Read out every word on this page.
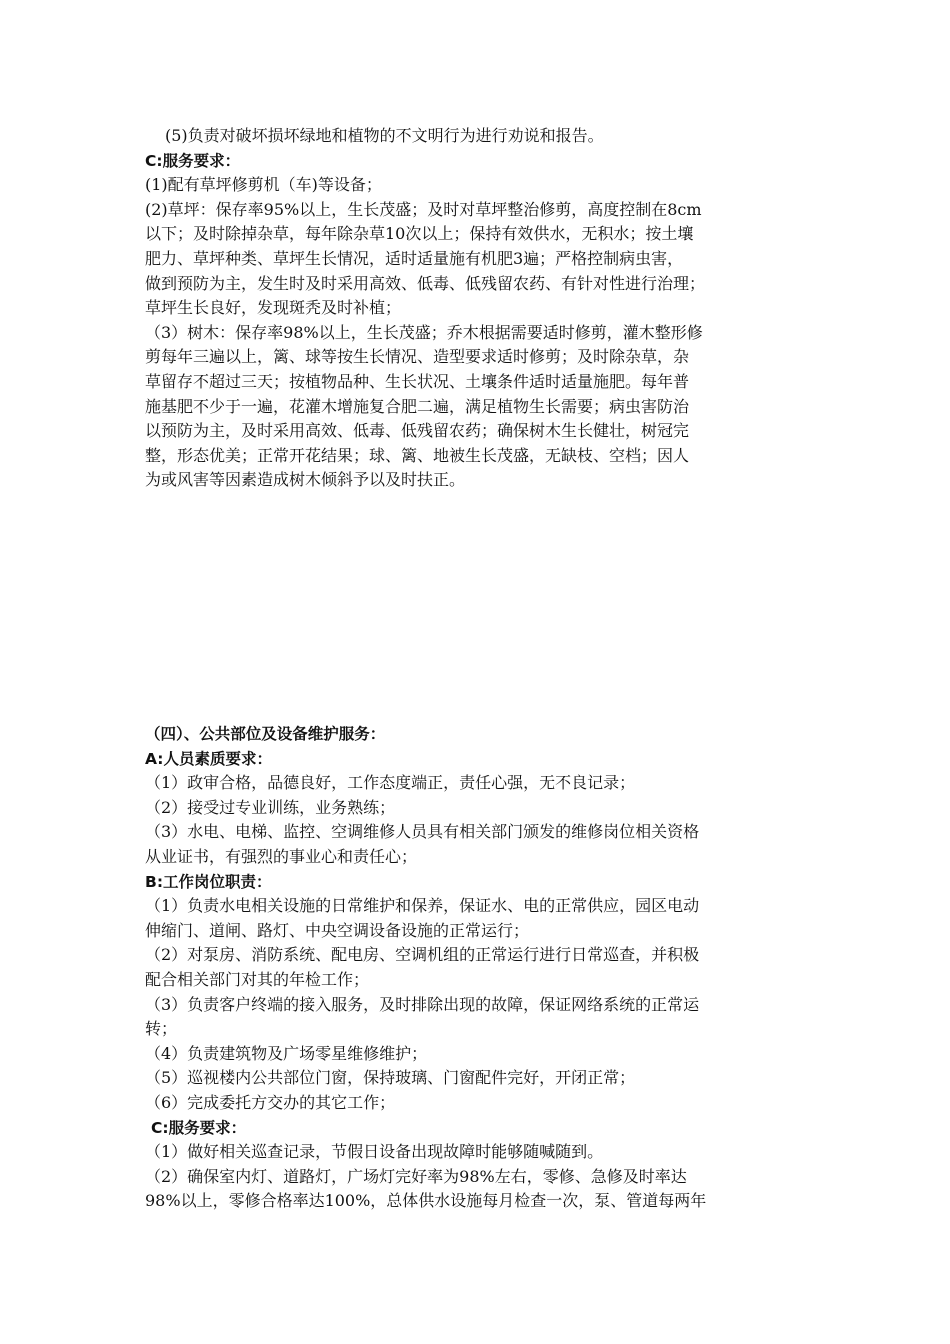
(5)负责对破坏损坏绿地和植物的不文明行为进行劝说和报告。
C:服务要求：
(1)配有草坪修剪机（车)等设备；
(2)草坪：保存率95%以上，生长茂盛；及时对草坪整治修剪，高度控制在8cm
以下；及时除掉杂草，每年除杂草10次以上；保持有效供水，无积水；按土壤
肥力、草坪种类、草坪生长情况，适时适量施有机肥3遍；严格控制病虫害，
做到预防为主，发生时及时采用高效、低毒、低残留农药、有针对性进行治理；
草坪生长良好，发现斑秃及时补植；
（3）树木：保存率98%以上，生长茂盛；乔木根据需要适时修剪，灌木整形修
剪每年三遍以上，篱、球等按生长情况、造型要求适时修剪；及时除杂草，杂
草留存不超过三天；按植物品种、生长状况、土壤条件适时适量施肥。每年普
施基肥不少于一遍，花灌木增施复合肥二遍，满足植物生长需要；病虫害防治
以预防为主，及时采用高效、低毒、低残留农药；确保树木生长健壮，树冠完
整，形态优美；正常开花结果；球、篱、地被生长茂盛，无缺枝、空档；因人
为或风害等因素造成树木倾斜予以及时扶正。
（四）、公共部位及设备维护服务：
A:人员素质要求：
（1）政审合格，品德良好，工作态度端正，责任心强，无不良记录；
（2）接受过专业训练，业务熟练；
（3）水电、电梯、监控、空调维修人员具有相关部门颁发的维修岗位相关资格
从业证书，有强烈的事业心和责任心；
B:工作岗位职责：
（1）负责水电相关设施的日常维护和保养，保证水、电的正常供应，园区电动
伸缩门、道闸、路灯、中央空调设备设施的正常运行；
（2）对泵房、消防系统、配电房、空调机组的正常运行进行日常巡查，并积极
配合相关部门对其的年检工作；
（3）负责客户终端的接入服务，及时排除出现的故障，保证网络系统的正常运
转；
（4）负责建筑物及广场零星维修维护；
（5）巡视楼内公共部位门窗，保持玻璃、门窗配件完好，开闭正常；
（6）完成委托方交办的其它工作；
C:服务要求：
（1）做好相关巡查记录，节假日设备出现故障时能够随喊随到。
（2）确保室内灯、道路灯，广场灯完好率为98%左右，零修、急修及时率达
98%以上，零修合格率达100%，总体供水设施每月检查一次，泵、管道每两年
